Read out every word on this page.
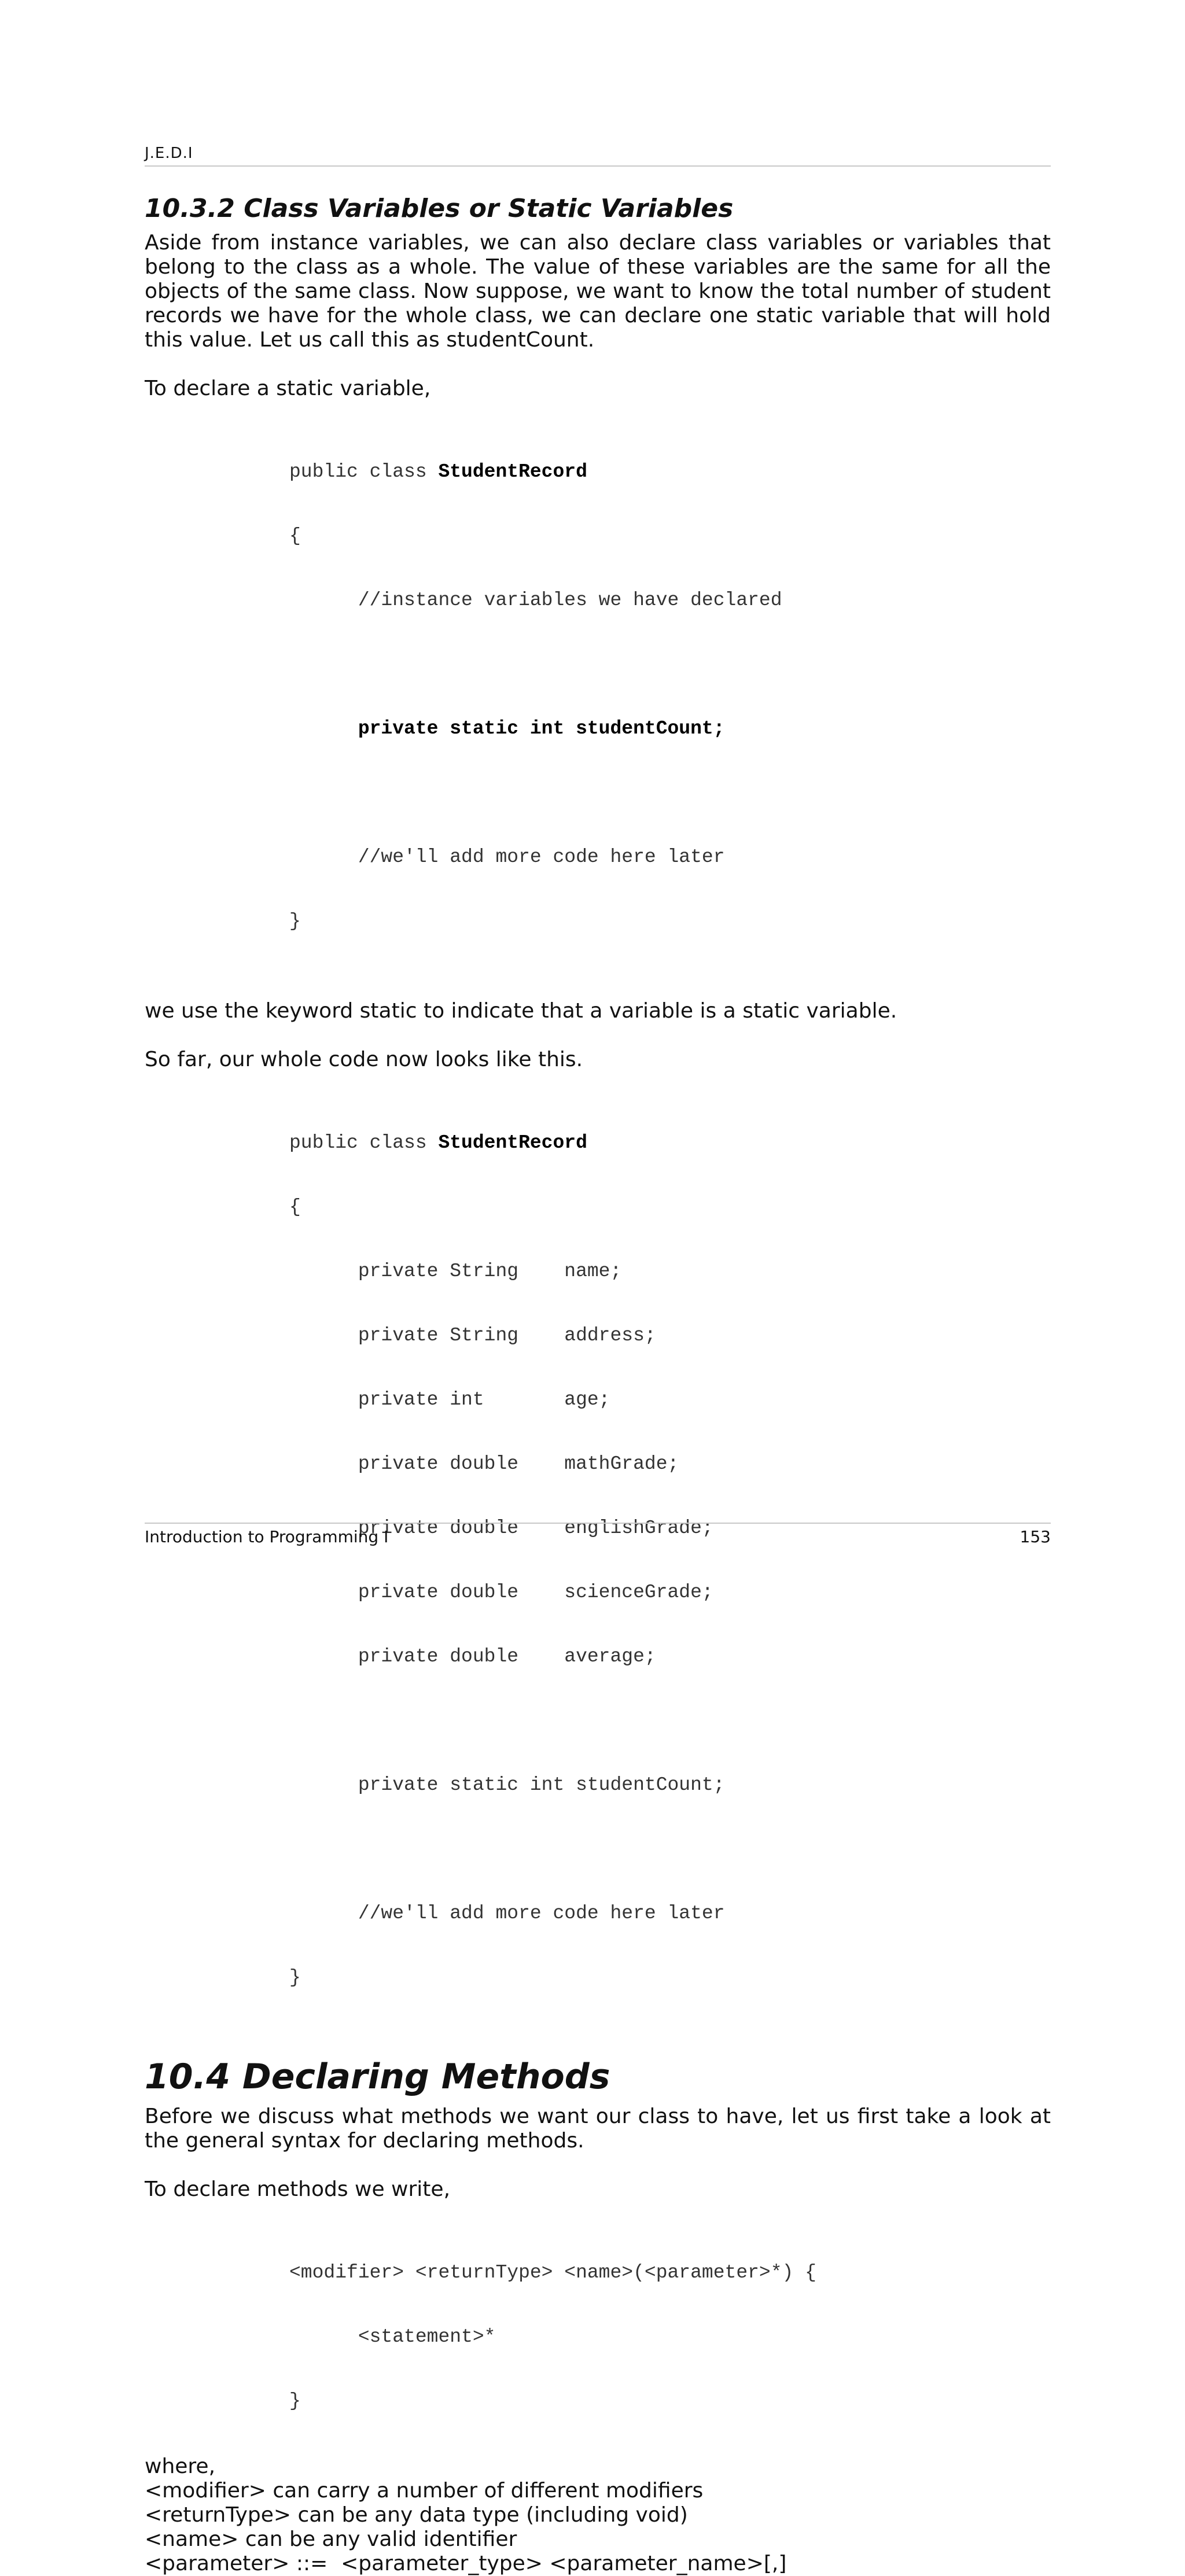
J.E.D.I
10.3.2 Class Variables or Static Variables

Aside from instance variables, we can also declare class variables or variables that belong to the class as a whole. The value of these variables are the same for all the objects of the same class. Now suppose, we want to know the total number of student records we have for the whole class, we can declare one static variable that will hold this value. Let us call this as studentCount.

To declare a static variable,

public class StudentRecord

{

//instance variables we have declared

private static int studentCount;

//we'll add more code here later

}

we use the keyword static to indicate that a variable is a static variable.

So far, our whole code now looks like this.

public class StudentRecord

{

private String    name;

private String    address;

private int       age;

private double    mathGrade;

private double    englishGrade;

private double    scienceGrade;

private double    average;

private static int studentCount;

//we'll add more code here later

}

10.4 Declaring Methods

Before we discuss what methods we want our class to have, let us first take a look at the general syntax for declaring methods.

To declare methods we write,

<modifier> <returnType> <name>(<parameter>*) {

<statement>*

}

where,
<modifier> can carry a number of different modifiers
<returnType> can be any data type (including void)
<name> can be any valid identifier
<parameter> ::=  <parameter_type> <parameter_name>[,]
Introduction to Programming I	153
